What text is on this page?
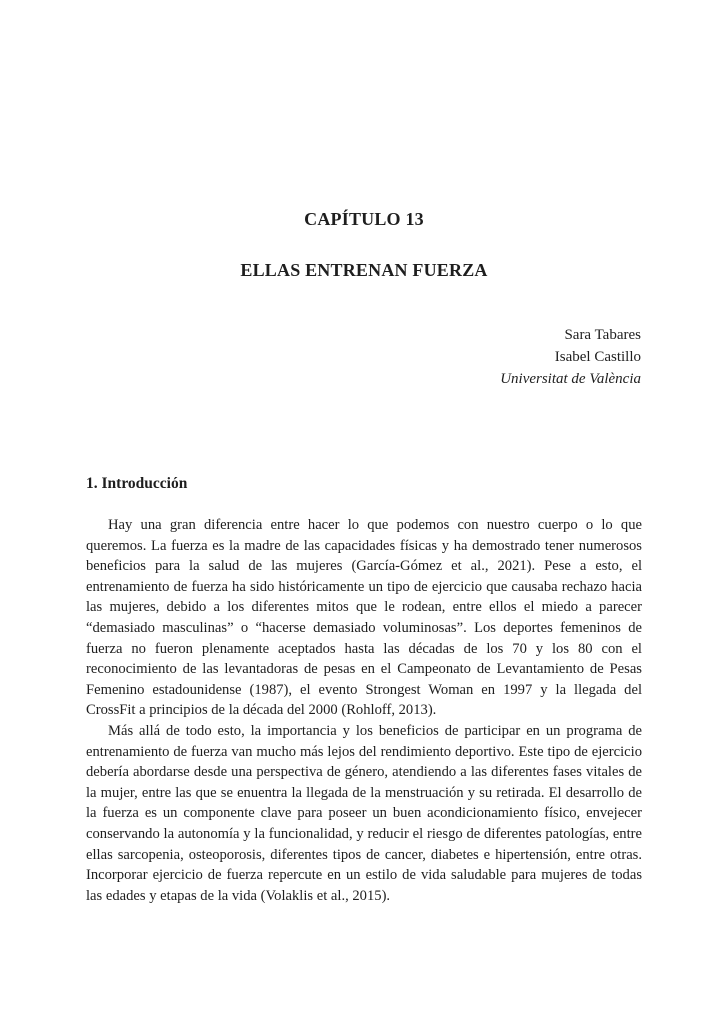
CAPÍTULO 13
ELLAS ENTRENAN FUERZA
Sara Tabares
Isabel Castillo
Universitat de València
1. Introducción

Hay una gran diferencia entre hacer lo que podemos con nuestro cuerpo o lo que queremos. La fuerza es la madre de las capacidades físicas y ha demostrado tener numerosos beneficios para la salud de las mujeres (García-Gómez et al., 2021). Pese a esto, el entrenamiento de fuerza ha sido históricamente un tipo de ejercicio que causaba rechazo hacia las mujeres, debido a los diferentes mitos que le rodean, entre ellos el miedo a parecer “demasiado masculinas” o “hacerse demasiado voluminosas”. Los deportes femeninos de fuerza no fueron plenamente aceptados hasta las décadas de los 70 y los 80 con el reconocimiento de las levantadoras de pesas en el Campeonato de Levantamiento de Pesas Femenino estadounidense (1987), el evento Strongest Woman en 1997 y la llegada del CrossFit a principios de la década del 2000 (Rohloff, 2013).

Más allá de todo esto, la importancia y los beneficios de participar en un programa de entrenamiento de fuerza van mucho más lejos del rendimiento deportivo. Este tipo de ejercicio debería abordarse desde una perspectiva de género, atendiendo a las diferentes fases vitales de la mujer, entre las que se enuentra la llegada de la menstruación y su retirada. El desarrollo de la fuerza es un componente clave para poseer un buen acondicionamiento físico, envejecer conservando la autonomía y la funcionalidad, y reducir el riesgo de diferentes patologías, entre ellas sarcopenia, osteoporosis, diferentes tipos de cancer, diabetes e hipertensión, entre otras. Incorporar ejercicio de fuerza repercute en un estilo de vida saludable para mujeres de todas las edades y etapas de la vida (Volaklis et al., 2015).
